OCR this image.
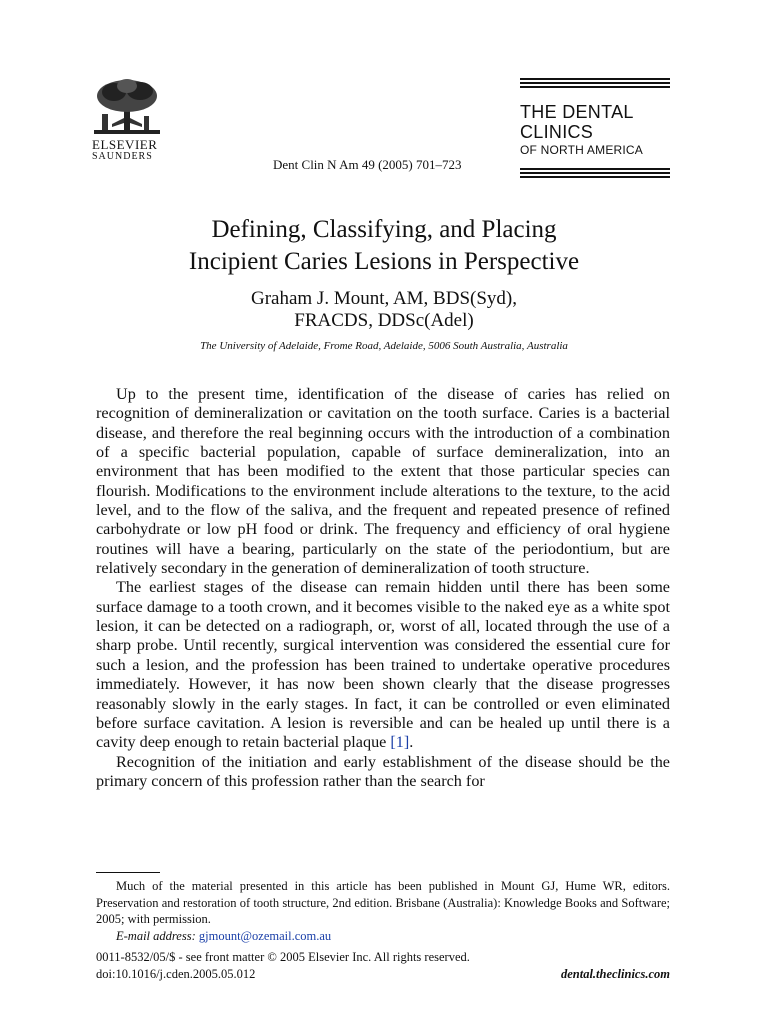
ELSEVIER
SAUNDERS
Dent Clin N Am 49 (2005) 701–723
THE DENTAL
CLINICS
OF NORTH AMERICA
Defining, Classifying, and Placing
Incipient Caries Lesions in Perspective
Graham J. Mount, AM, BDS(Syd),
FRACDS, DDSc(Adel)
The University of Adelaide, Frome Road, Adelaide, 5006 South Australia, Australia

Up to the present time, identification of the disease of caries has relied on recognition of demineralization or cavitation on the tooth surface. Caries is a bacterial disease, and therefore the real beginning occurs with the introduction of a combination of a specific bacterial population, capable of surface demineralization, into an environment that has been modified to the extent that those particular species can flourish. Modifications to the environment include alterations to the texture, to the acid level, and to the flow of the saliva, and the frequent and repeated presence of refined carbohydrate or low pH food or drink. The frequency and efficiency of oral hygiene routines will have a bearing, particularly on the state of the periodontium, but are relatively secondary in the generation of demineralization of tooth structure.

The earliest stages of the disease can remain hidden until there has been some surface damage to a tooth crown, and it becomes visible to the naked eye as a white spot lesion, it can be detected on a radiograph, or, worst of all, located through the use of a sharp probe. Until recently, surgical intervention was considered the essential cure for such a lesion, and the profession has been trained to undertake operative procedures immediately. However, it has now been shown clearly that the disease progresses reasonably slowly in the early stages. In fact, it can be controlled or even eliminated before surface cavitation. A lesion is reversible and can be healed up until there is a cavity deep enough to retain bacterial plaque [1].

Recognition of the initiation and early establishment of the disease should be the primary concern of this profession rather than the search for

Much of the material presented in this article has been published in Mount GJ, Hume WR, editors. Preservation and restoration of tooth structure, 2nd edition. Brisbane (Australia): Knowledge Books and Software; 2005; with permission.

E-mail address: gjmount@ozemail.com.au
0011-8532/05/$ - see front matter © 2005 Elsevier Inc. All rights reserved.
doi:10.1016/j.cden.2005.05.012	dental.theclinics.com
